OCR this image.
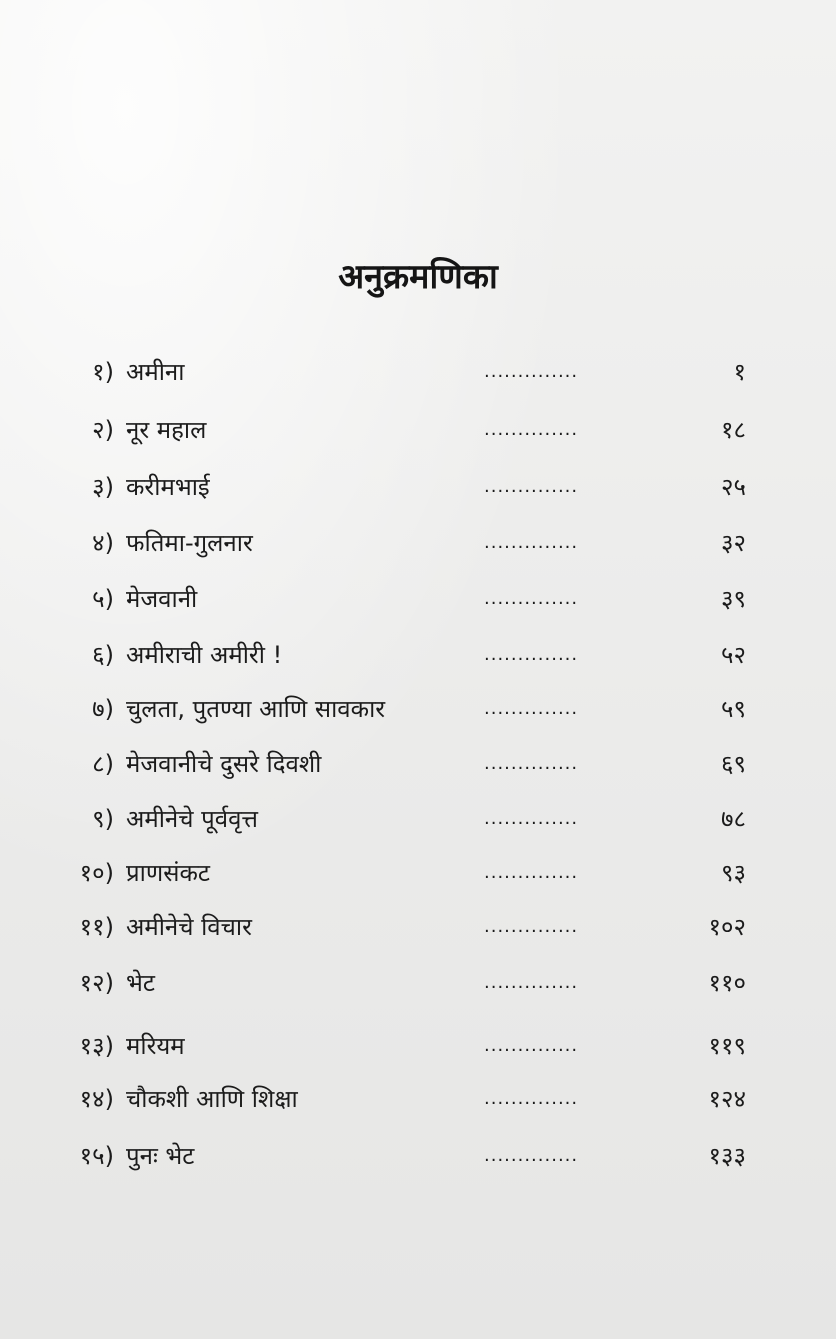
अनुक्रमणिका
१) अमीना	..............	१
२) नूर महाल	..............	१८
३) करीमभाई	..............	२५
४) फतिमा-गुलनार	..............	३२
५) मेजवानी	..............	३९
६) अमीराची अमीरी !	..............	५२
७) चुलता, पुतण्या आणि सावकार	..............	५९
८) मेजवानीचे दुसरे दिवशी	..............	६९
९) अमीनेचे पूर्ववृत्त	..............	७८
१०) प्राणसंकट	..............	९३
११) अमीनेचे विचार	..............	१०२
१२) भेट	..............	११०
१३) मरियम	..............	११९
१४) चौकशी आणि शिक्षा	..............	१२४
१५) पुनः भेट	..............	१३३
